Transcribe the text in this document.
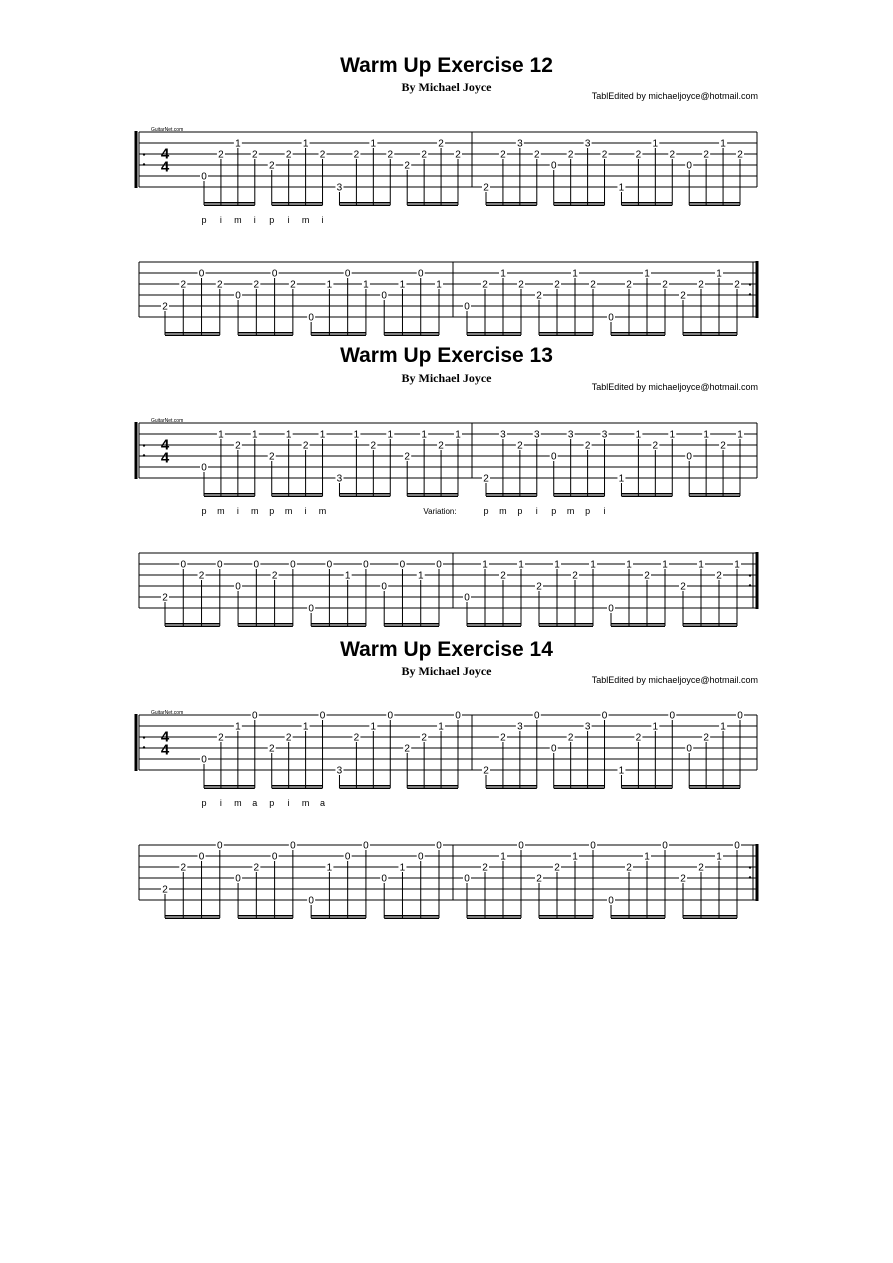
Warm Up Exercise 12
By Michael Joyce
TablEdited by michaeljoyce@hotmail.com
GuitarNet.com
4
4
0
2
1
2
2
2
1
2
3
2
1
2
2
2
2
2
2
2
3
2
0
2
3
2
1
2
1
2
0
2
1
2
p i m i p i m i
2
2
0
2
0
2
0
2
0
1
0
1
0
1
0
1
0
2
1
2
2
2
1
2
0
2
1
2
2
2
1
2
Warm Up Exercise 13
By Michael Joyce
TablEdited by michaeljoyce@hotmail.com
GuitarNet.com
4
4
0
1
2
1
2
1
2
1
3
1
2
1
2
1
2
1
2
3
2
3
0
3
2
3
1
1
2
1
0
1
2
1
p m i m p m i m	Variation:	p m p i p m p i
2
0
2
0
0
0
2
0
0
0
1
0
0
0
1
0
0
1
2
1
2
1
2
1
0
1
2
1
2
1
2
1
Warm Up Exercise 14
By Michael Joyce
TablEdited by michaeljoyce@hotmail.com
GuitarNet.com
4
4
0
2
1
0
2
2
1
0
3
2
1
0
2
2
1
0
2
2
3
0
0
2
3
0
1
2
1
0
0
2
1
0
p i m a p i m a
2
2
0
0
0
2
0
0
0
1
0
0
0
1
0
0
0
2
1
0
2
2
1
0
0
2
1
0
2
2
1
0
